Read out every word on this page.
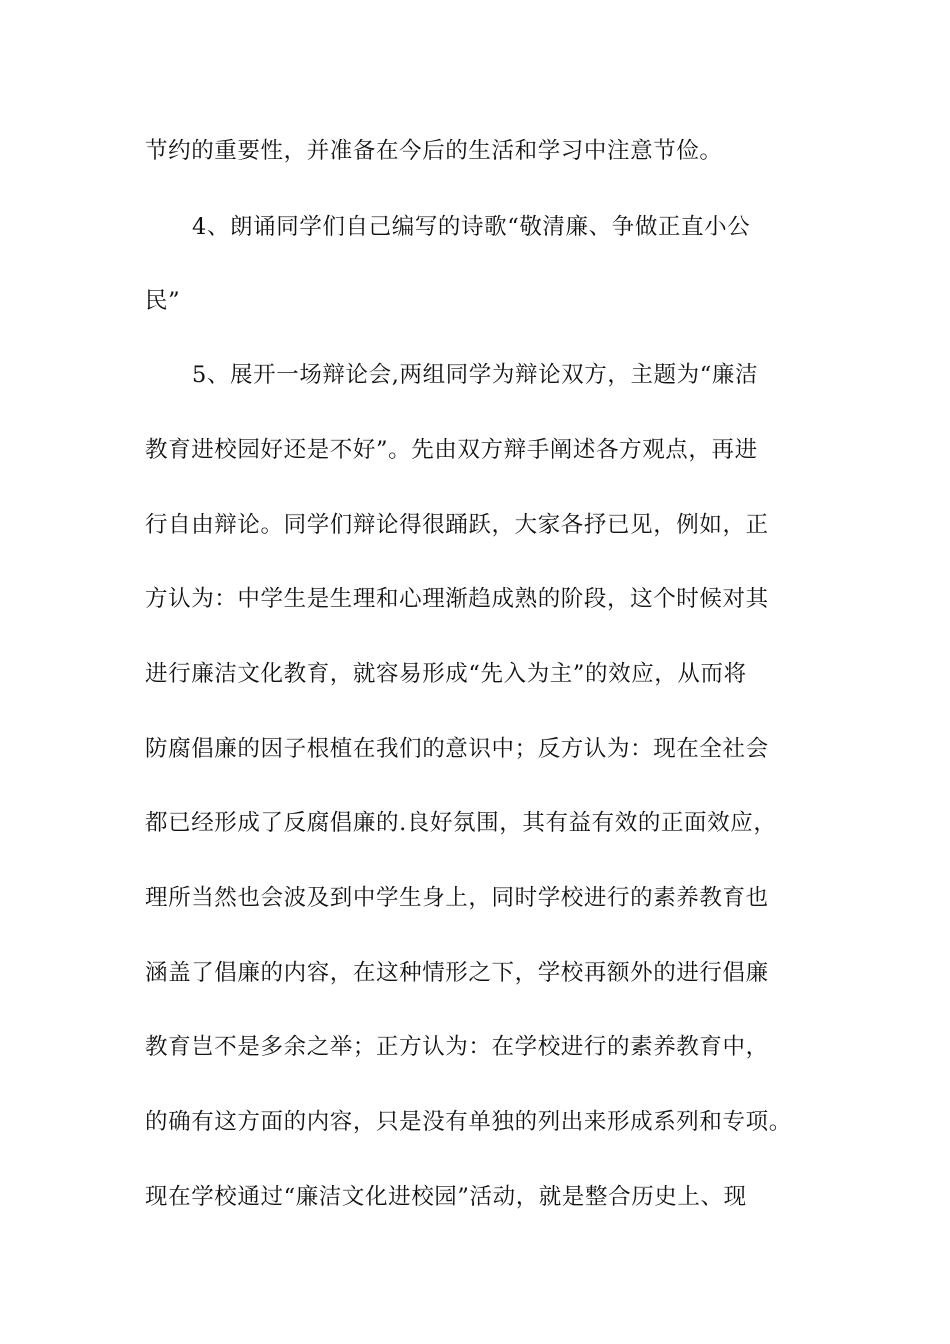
节约的重要性，并准备在今后的生活和学习中注意节俭。

4、朗诵同学们自己编写的诗歌“敬清廉、争做正直小公

民”

5、展开一场辩论会,两组同学为辩论双方，主题为“廉洁

教育进校园好还是不好”。先由双方辩手阐述各方观点，再进

行自由辩论。同学们辩论得很踊跃，大家各抒已见，例如，正

方认为：中学生是生理和心理渐趋成熟的阶段，这个时候对其

进行廉洁文化教育，就容易形成“先入为主”的效应，从而将

防腐倡廉的因子根植在我们的意识中；反方认为：现在全社会

都已经形成了反腐倡廉的.良好氛围，其有益有效的正面效应，

理所当然也会波及到中学生身上，同时学校进行的素养教育也

涵盖了倡廉的内容，在这种情形之下，学校再额外的进行倡廉

教育岂不是多余之举；正方认为：在学校进行的素养教育中，

的确有这方面的内容，只是没有单独的列出来形成系列和专项。

现在学校通过“廉洁文化进校园”活动，就是整合历史上、现
